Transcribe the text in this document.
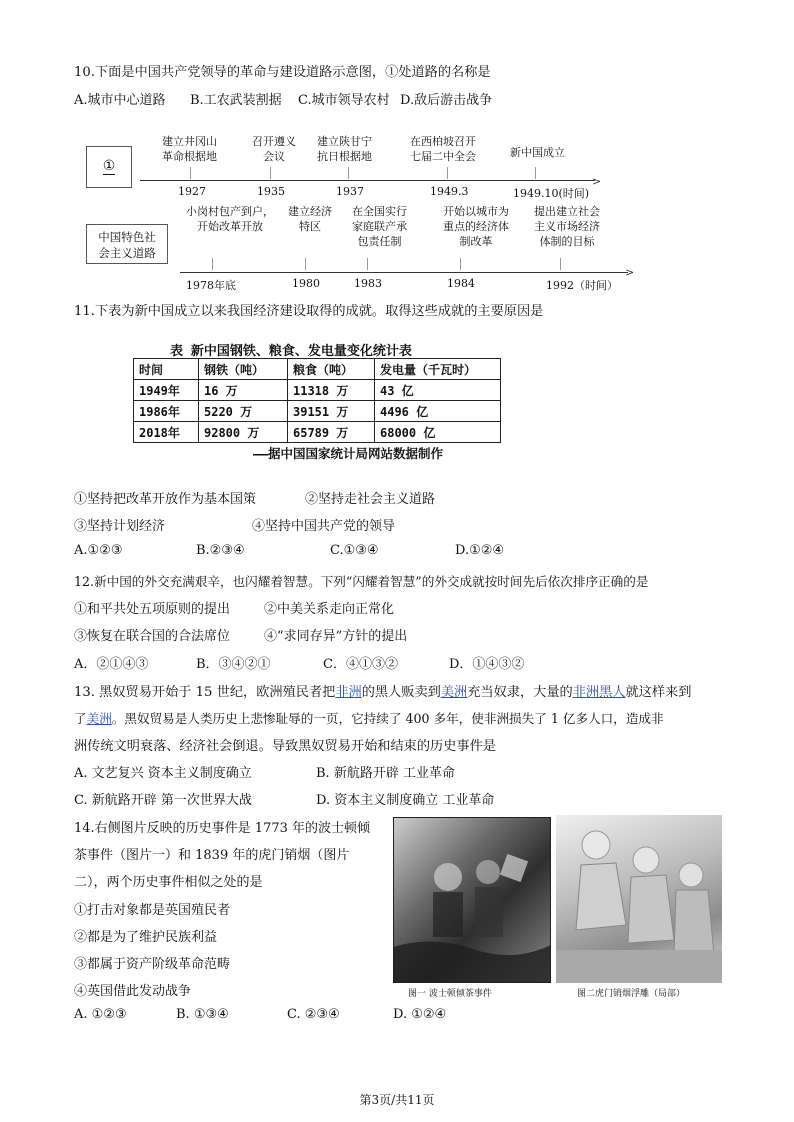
10.下面是中国共产党领导的革命与建设道路示意图，①处道路的名称是
A.城市中心道路 B.工农武装割据 C.城市领导农村 D.敌后游击战争
①
>
建立井冈山
革命根据地
召开遵义
会议
建立陕甘宁
抗日根据地
在西柏坡召开
七届二中全会	新中国成立
1927	1935	1937	1949.3	1949.10(时间)
中国特色社
会主义道路
>
小岗村包产到户，
开始改革开放
建立经济
特区
在全国实行
家庭联产承
包责任制
开始以城市为
重点的经济体
制改革
提出建立社会
主义市场经济
体制的目标
1978年底	1980	1983	1984	1992（时间）
11.下表为新中国成立以来我国经济建设取得的成就。取得这些成就的主要原因是
表 新中国钢铁、粮食、发电量变化统计表
时间	钢铁（吨）	粮食（吨）	发电量（千瓦时）
1949年	16 万	11318 万	43 亿
1986年	5220 万	39151 万	4496 亿
2018年	92800 万	65789 万	68000 亿
——据中国国家统计局网站数据制作
①坚持把改革开放作为基本国策	②坚持走社会主义道路
③坚持计划经济	④坚持中国共产党的领导
A.①②③	B.②③④	C.①③④	D.①②④
12.新中国的外交充满艰辛，也闪耀着智慧。下列“闪耀着智慧”的外交成就按时间先后依次排序正确的是
①和平共处五项原则的提出	②中美关系走向正常化
③恢复在联合国的合法席位	④“求同存异”方针的提出
A．②①④③	B．③④②①	C．④①③②	D．①④③②
13. 黑奴贸易开始于 15 世纪，欧洲殖民者把非洲的黑人贩卖到美洲充当奴隶，大量的非洲黑人就这样来到
了美洲。黑奴贸易是人类历史上悲惨耻辱的一页，它持续了 400 多年，使非洲损失了 1 亿多人口，造成非
洲传统文明衰落、经济社会倒退。导致黑奴贸易开始和结束的历史事件是
A. 文艺复兴 资本主义制度确立	B. 新航路开辟 工业革命
C. 新航路开辟 第一次世界大战	D. 资本主义制度确立 工业革命
14.右侧图片反映的历史事件是 1773 年的波士顿倾
茶事件（图片一）和 1839 年的虎门销烟（图片
二），两个历史事件相似之处的是
①打击对象都是英国殖民者
②都是为了维护民族利益
③都属于资产阶级革命范畴
④英国借此发动战争
A. ①②③	B. ①③④	C. ②③④	D. ①②④
图一 波士顿倾茶事件	图二虎门销烟浮雕（局部）
第3页/共11页
